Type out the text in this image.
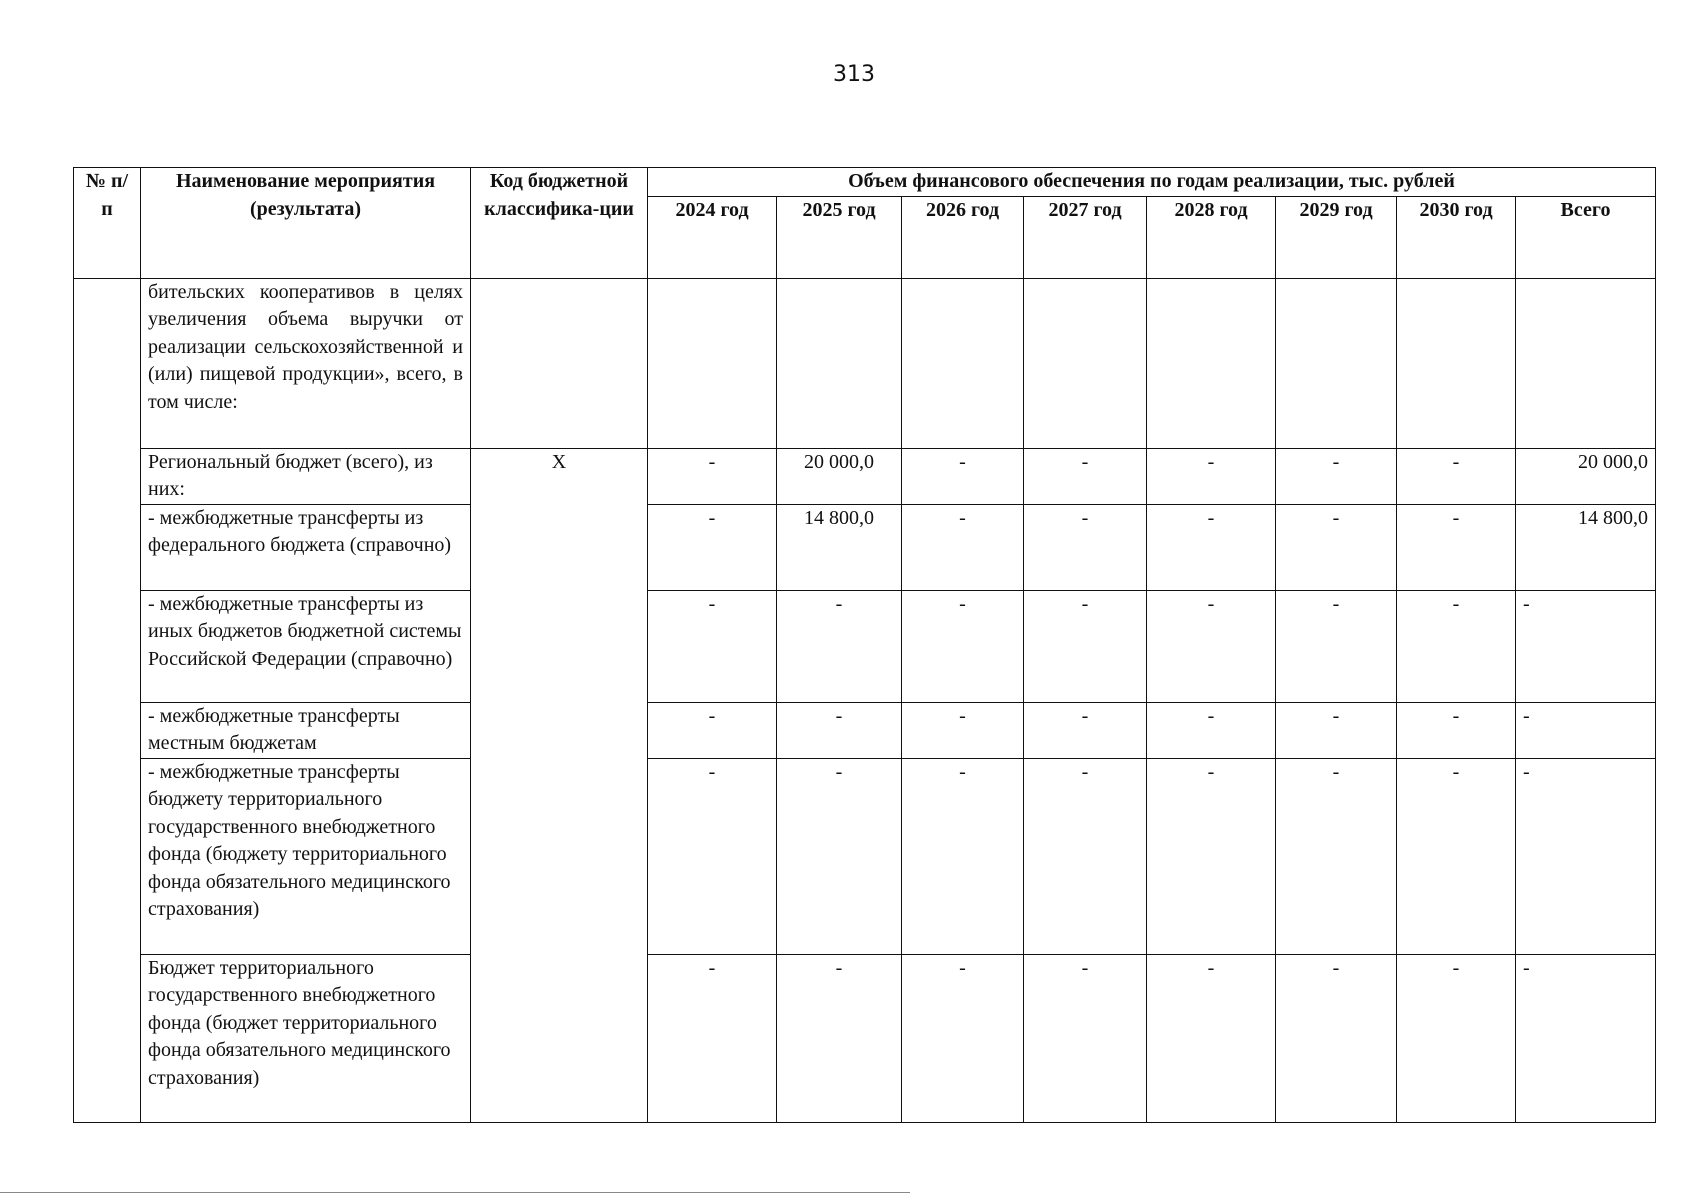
313
№ п/п	Наименование мероприятия (результата)	Код бюджетной классифика-ции	Объем финансового обеспечения по годам реализации, тыс. рублей							
			2024 год	2025 год	2026 год	2027 год	2028 год	2029 год	2030 год	Всего
	бительских кооперативов в целях увеличения объема выручки от реализации сельскохозяйственной и (или) пищевой продукции», всего, в том числе:									
	Региональный бюджет (всего), из них:	X	-	20 000,0	-	-	-	-	-	20 000,0
	- межбюджетные трансферты из федерального бюджета (справочно)		-	14 800,0	-	-	-	-	-	14 800,0
	- межбюджетные трансферты из иных бюджетов бюджетной системы Российской Федерации (справочно)		-	-	-	-	-	-	-	-
	- межбюджетные трансферты местным бюджетам		-	-	-	-	-	-	-	-
	- межбюджетные трансферты бюджету территориального государственного внебюджетного фонда (бюджету территориального фонда обязательного медицинского страхования)		-	-	-	-	-	-	-	-
	Бюджет территориального государственного внебюджетного фонда (бюджет территориального фонда обязательного медицинского страхования)		-	-	-	-	-	-	-	-
